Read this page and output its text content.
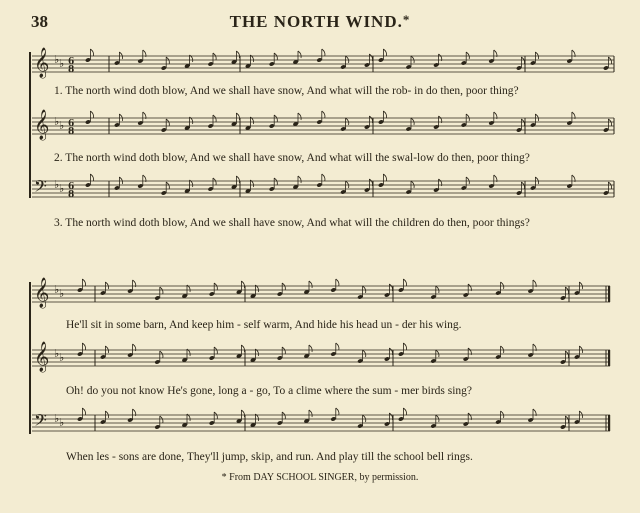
38	THE NORTH WIND.*
𝄞 ♭ ♭ 6
8
𝄞 ♭ ♭ 6
8
𝄢 ♭ ♭ 6
8
𝄞 ♭ ♭
𝄞 ♭ ♭
𝄢 ♭ ♭
1. The north wind doth blow, And we shall have snow, And what will the rob- in do then, poor thing?
2. The north wind doth blow, And we shall have snow, And what will the swal-low do then, poor thing?
3. The north wind doth blow, And we shall have snow, And what will the children do then, poor things?
He'll sit in some barn, And keep him - self warm, And hide his head un - der his wing.
Oh! do you not know He's gone, long a - go, To a clime where the sum - mer birds sing?
When les - sons are done, They'll jump, skip, and run. And play till the school bell rings.
* From DAY SCHOOL SINGER, by permission.
